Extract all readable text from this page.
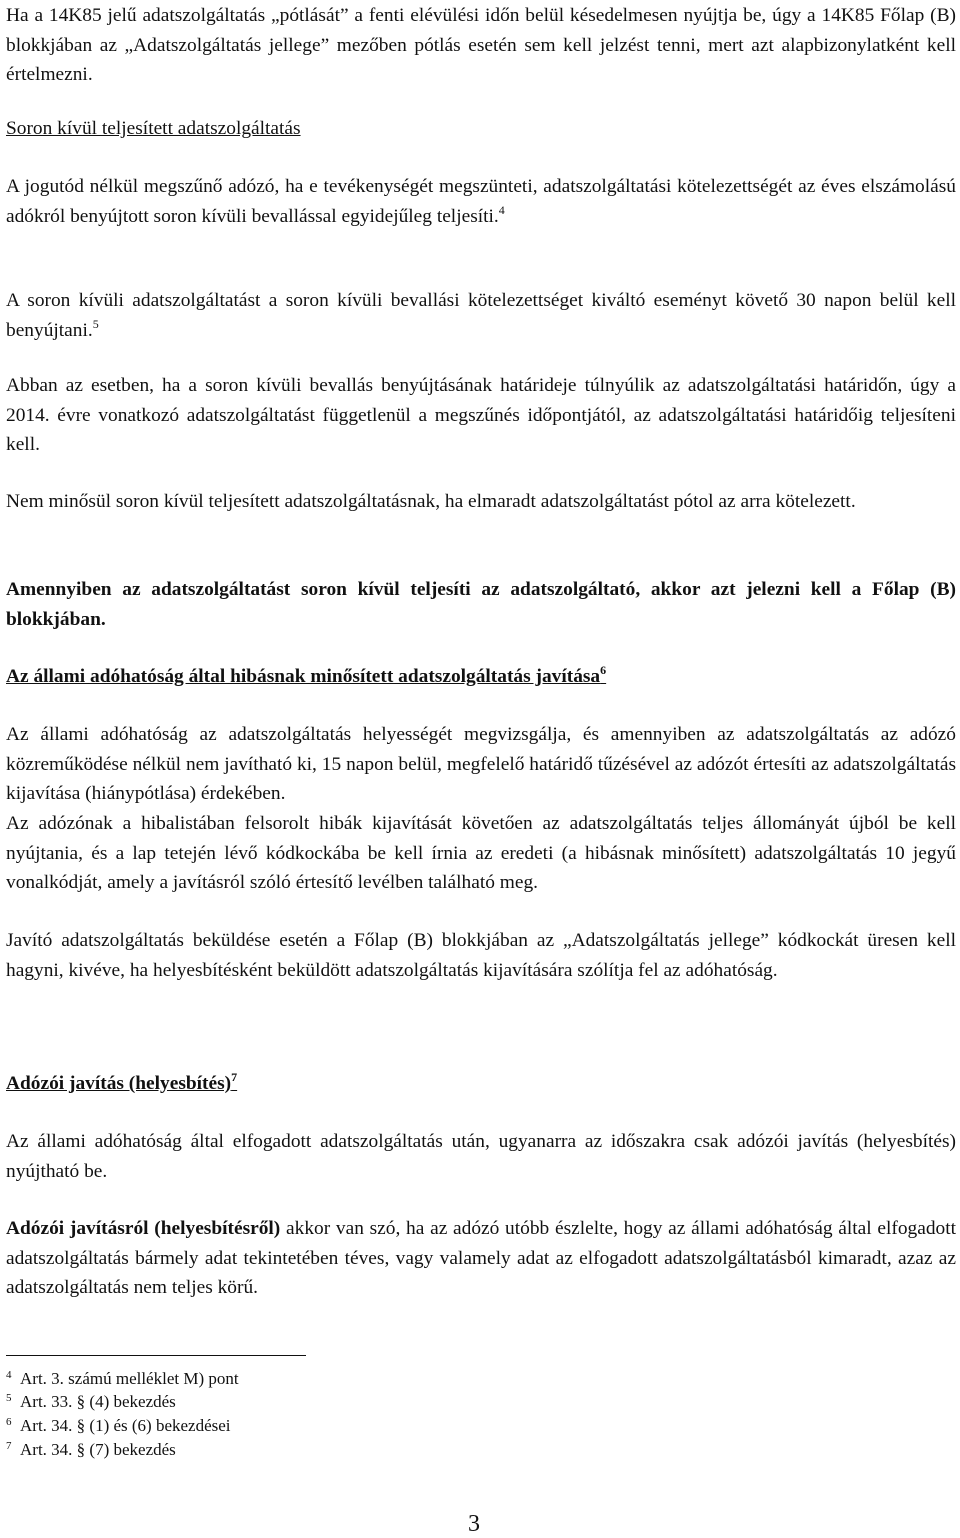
Ha a 14K85 jelű adatszolgáltatás „pótlását” a fenti elévülési időn belül késedelmesen nyújtja be, úgy a 14K85 Főlap (B) blokkjában az „Adatszolgáltatás jellege” mezőben pótlás esetén sem kell jelzést tenni, mert azt alapbizonylatként kell értelmezni.
Soron kívül teljesített adatszolgáltatás
A jogutód nélkül megszűnő adózó, ha e tevékenységét megszünteti, adatszolgáltatási kötelezettségét az éves elszámolású adókról benyújtott soron kívüli bevallással egyidejűleg teljesíti.$^4$
A soron kívüli adatszolgáltatást a soron kívüli bevallási kötelezettséget kiváltó eseményt követő 30 napon belül kell benyújtani.$^5$
Abban az esetben, ha a soron kívüli bevallás benyújtásának határideje túlnyúlik az adatszolgáltatási határidőn, úgy a 2014. évre vonatkozó adatszolgáltatást függetlenül a megszűnés időpontjától, az adatszolgáltatási határidőig teljesíteni kell.
Nem minősül soron kívül teljesített adatszolgáltatásnak, ha elmaradt adatszolgáltatást pótol az arra kötelezett.
Amennyiben az adatszolgáltatást soron kívül teljesíti az adatszolgáltató, akkor azt jelezni kell a Főlap (B) blokkjában.
Az állami adóhatóság által hibásnak minősített adatszolgáltatás javítása$^6$
Az állami adóhatóság az adatszolgáltatás helyességét megvizsgálja, és amennyiben az adatszolgáltatás az adózó közreműködése nélkül nem javítható ki, 15 napon belül, megfelelő határidő tűzésével az adózót értesíti az adatszolgáltatás kijavítása (hiánypótlása) érdekében.
Az adózónak a hibalistában felsorolt hibák kijavítását követően az adatszolgáltatás teljes állományát újból be kell nyújtania, és a lap tetején lévő kódkockába be kell írnia az eredeti (a hibásnak minősített) adatszolgáltatás 10 jegyű vonalkódját, amely a javításról szóló értesítő levélben található meg.
Javító adatszolgáltatás beküldése esetén a Főlap (B) blokkjában az „Adatszolgáltatás jellege” kódkockát üresen kell hagyni, kivéve, ha helyesbítésként beküldött adatszolgáltatás kijavítására szólítja fel az adóhatóság.
Adózói javítás (helyesbítés)$^7$
Az állami adóhatóság által elfogadott adatszolgáltatás után, ugyanarra az időszakra csak adózói javítás (helyesbítés) nyújtható be.
Adózói javításról (helyesbítésről) akkor van szó, ha az adózó utóbb észlelte, hogy az állami adóhatóság által elfogadott adatszolgáltatás bármely adat tekintetében téves, vagy valamely adat az elfogadott adatszolgáltatásból kimaradt, azaz az adatszolgáltatás nem teljes körű.
$^4$ Art. 3. számú melléklet M) pont
$^5$ Art. 33. § (4) bekezdés
$^6$ Art. 34. § (1) és (6) bekezdései
$^7$ Art. 34. § (7) bekezdés
3
